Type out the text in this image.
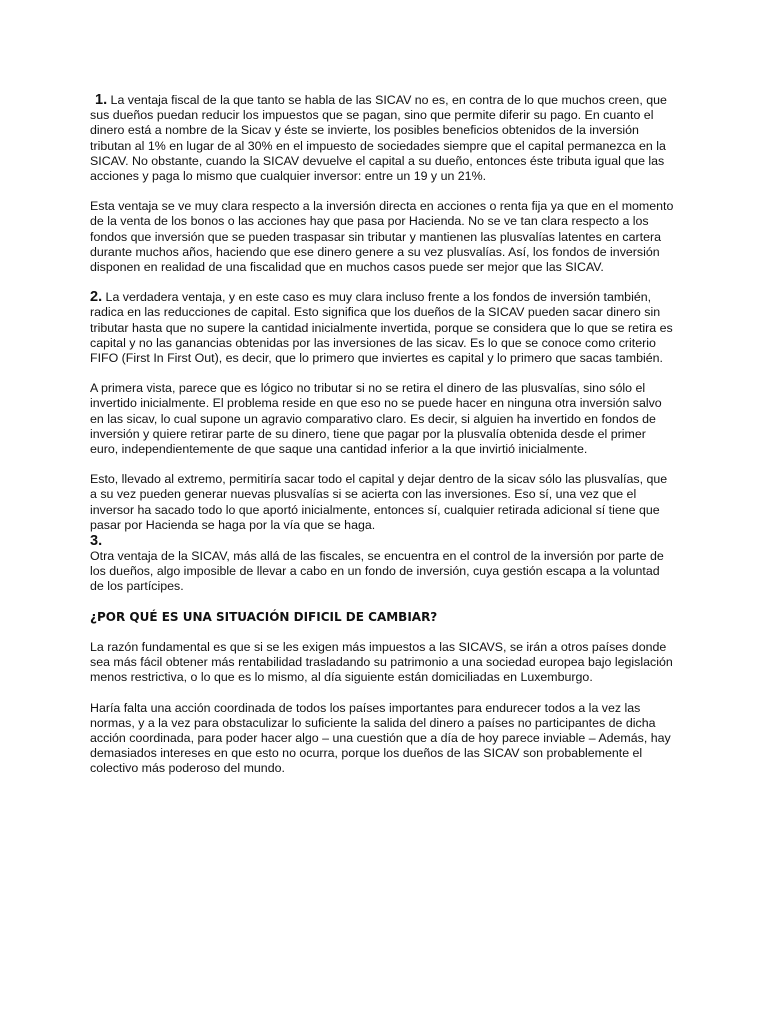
1. La ventaja fiscal de la que tanto se habla de las SICAV no es, en contra de lo que muchos creen, que sus dueños puedan reducir los impuestos que se pagan, sino que permite diferir su pago. En cuanto el dinero está a nombre de la Sicav y éste se invierte, los posibles beneficios obtenidos de la inversión tributan al 1% en lugar de al 30% en el impuesto de sociedades siempre que el capital permanezca en la SICAV. No obstante, cuando la SICAV devuelve el capital a su dueño, entonces éste tributa igual que las acciones y paga lo mismo que cualquier inversor: entre un 19 y un 21%.

Esta ventaja se ve muy clara respecto a la inversión directa en acciones o renta fija ya que en el momento de la venta de los bonos o las acciones hay que pasa por Hacienda. No se ve tan clara respecto a los fondos que inversión que se pueden traspasar sin tributar y mantienen las plusvalías latentes en cartera durante muchos años, haciendo que ese dinero genere a su vez plusvalías. Así, los fondos de inversión disponen en realidad de una fiscalidad que en muchos casos puede ser mejor que las SICAV.

2. La verdadera ventaja, y en este caso es muy clara incluso frente a los fondos de inversión también, radica en las reducciones de capital. Esto significa que los dueños de la SICAV pueden sacar dinero sin tributar hasta que no supere la cantidad inicialmente invertida, porque se considera que lo que se retira es capital y no las ganancias obtenidas por las inversiones de las sicav. Es lo que se conoce como criterio FIFO (First In First Out), es decir, que lo primero que inviertes es capital y lo primero que sacas también.

A primera vista, parece que es lógico no tributar si no se retira el dinero de las plusvalías, sino sólo el invertido inicialmente. El problema reside en que eso no se puede hacer en ninguna otra inversión salvo en las sicav, lo cual supone un agravio comparativo claro. Es decir, si alguien ha invertido en fondos de inversión y quiere retirar parte de su dinero, tiene que pagar por la plusvalía obtenida desde el primer euro, independientemente de que saque una cantidad inferior a la que invirtió inicialmente.

Esto, llevado al extremo, permitiría sacar todo el capital y dejar dentro de la sicav sólo las plusvalías, que a su vez pueden generar nuevas plusvalías si se acierta con las inversiones. Eso sí, una vez que el inversor ha sacado todo lo que aportó inicialmente, entonces sí, cualquier retirada adicional sí tiene que pasar por Hacienda se haga por la vía que se haga.

3.

Otra ventaja de la SICAV, más allá de las fiscales, se encuentra en el control de la inversión por parte de los dueños, algo imposible de llevar a cabo en un fondo de inversión, cuya gestión escapa a la voluntad de los partícipes.

¿POR QUÉ ES UNA SITUACIÓN DIFICIL DE CAMBIAR?

La razón fundamental es que si se les exigen más impuestos a las SICAVS, se irán a otros países donde sea más fácil obtener más rentabilidad trasladando su patrimonio a una sociedad europea bajo legislación menos restrictiva, o lo que es lo mismo, al día siguiente están domiciliadas en Luxemburgo.

Haría falta una acción coordinada de todos los países importantes para endurecer todos a la vez las normas, y a la vez para obstaculizar lo suficiente la salida del dinero a países no participantes de dicha acción coordinada, para poder hacer algo – una cuestión que a día de hoy parece inviable – Además, hay demasiados intereses en que esto no ocurra, porque los dueños de las SICAV son probablemente el colectivo más poderoso del mundo.
